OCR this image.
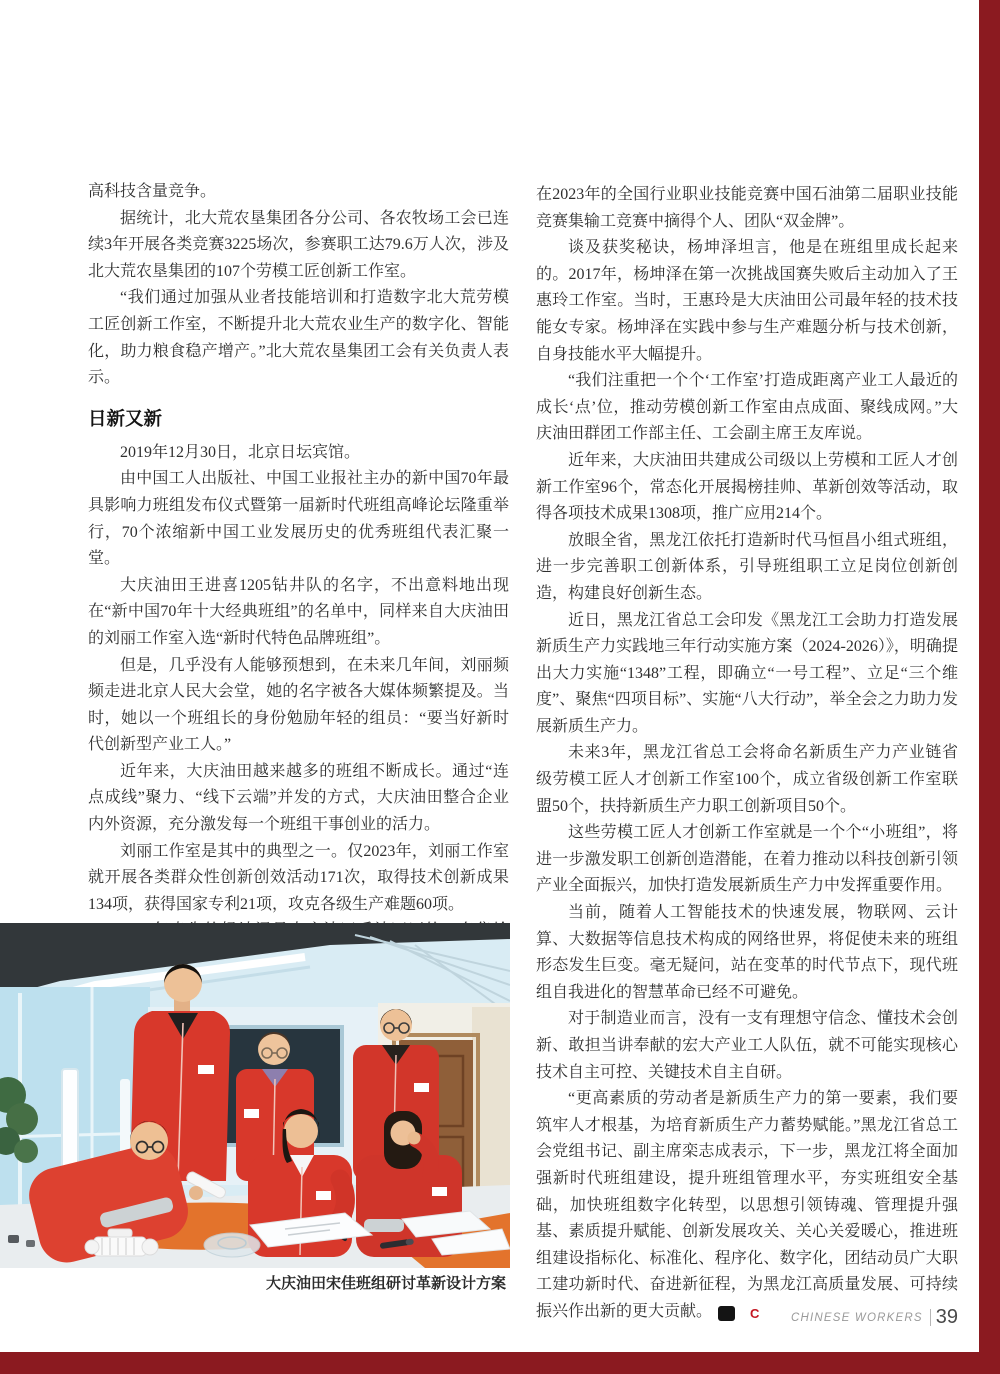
高科技含量竞争。

据统计，北大荒农垦集团各分公司、各农牧场工会已连续3年开展各类竞赛3225场次，参赛职工达79.6万人次，涉及北大荒农垦集团的107个劳模工匠创新工作室。

“我们通过加强从业者技能培训和打造数字北大荒劳模工匠创新工作室，不断提升北大荒农业生产的数字化、智能化，助力粮食稳产增产。”北大荒农垦集团工会有关负责人表示。

日新又新

2019年12月30日，北京日坛宾馆。

由中国工人出版社、中国工业报社主办的新中国70年最具影响力班组发布仪式暨第一届新时代班组高峰论坛隆重举行，70个浓缩新中国工业发展历史的优秀班组代表汇聚一堂。

大庆油田王进喜1205钻井队的名字，不出意料地出现在“新中国70年十大经典班组”的名单中，同样来自大庆油田的刘丽工作室入选“新时代特色品牌班组”。

但是，几乎没有人能够预想到，在未来几年间，刘丽频频走进北京人民大会堂，她的名字被各大媒体频繁提及。当时，她以一个班组长的身份勉励年轻的组员：“要当好新时代创新型产业工人。”

近年来，大庆油田越来越多的班组不断成长。通过“连点成线”聚力、“线下云端”并发的方式，大庆油田整合企业内外资源，充分激发每一个班组干事创业的活力。

刘丽工作室是其中的典型之一。仅2023年，刘丽工作室就开展各类群众性创新创效活动171次，取得技术创新成果134项，获得国家专利21项，攻克各级生产难题60项。

大庆油田宋佳班组研讨革新设计方案

在2023年的全国行业职业技能竞赛中国石油第二届职业技能竞赛集输工竞赛中摘得个人、团队“双金牌”。

谈及获奖秘诀，杨坤泽坦言，他是在班组里成长起来的。2017年，杨坤泽在第一次挑战国赛失败后主动加入了王惠玲工作室。当时，王惠玲是大庆油田公司最年轻的技术技能女专家。杨坤泽在实践中参与生产难题分析与技术创新，自身技能水平大幅提升。

“我们注重把一个个‘工作室’打造成距离产业工人最近的成长‘点’位，推动劳模创新工作室由点成面、聚线成网。”大庆油田群团工作部主任、工会副主席王友库说。

近年来，大庆油田共建成公司级以上劳模和工匠人才创新工作室96个，常态化开展揭榜挂帅、革新创效等活动，取得各项技术成果1308项，推广应用214个。

放眼全省，黑龙江依托打造新时代马恒昌小组式班组，进一步完善职工创新体系，引导班组职工立足岗位创新创造，构建良好创新生态。

近日，黑龙江省总工会印发《黑龙江工会助力打造发展新质生产力实践地三年行动实施方案（2024-2026）》，明确提出大力实施“1348”工程，即确立“一号工程”、立足“三个维度”、聚焦“四项目标”、实施“八大行动”，举全会之力助力发展新质生产力。

未来3年，黑龙江省总工会将命名新质生产力产业链省级劳模工匠人才创新工作室100个，成立省级创新工作室联盟50个，扶持新质生产力职工创新项目50个。

这些劳模工匠人才创新工作室就是一个个“小班组”，将进一步激发职工创新创造潜能，在着力推动以科技创新引领产业全面振兴，加快打造发展新质生产力中发挥重要作用。

当前，随着人工智能技术的快速发展，物联网、云计算、大数据等信息技术构成的网络世界，将促使未来的班组形态发生巨变。毫无疑问，站在变革的时代节点下，现代班组自我进化的智慧革命已经不可避免。

对于制造业而言，没有一支有理想守信念、懂技术会创新、敢担当讲奉献的宏大产业工人队伍，就不可能实现核心技术自主可控、关键技术自主自研。

“更高素质的劳动者是新质生产力的第一要素，我们要筑牢人才根基，为培育新质生产力蓄势赋能。”黑龙江省总工会党组书记、副主席栾志成表示，下一步，黑龙江将全面加强新时代班组建设，提升班组管理水平，夯实班组安全基础，加快班组数字化转型，以思想引领铸魂、管理提升强基、素质提升赋能、创新发展攻关、关心关爱暖心，推进班组建设指标化、标准化、程序化、数字化，团结动员广大职工建功新时代、奋进新征程，为黑龙江高质量发展、可持续振兴作出新的更大贡献。	C	CHINESE WORKERS 39
